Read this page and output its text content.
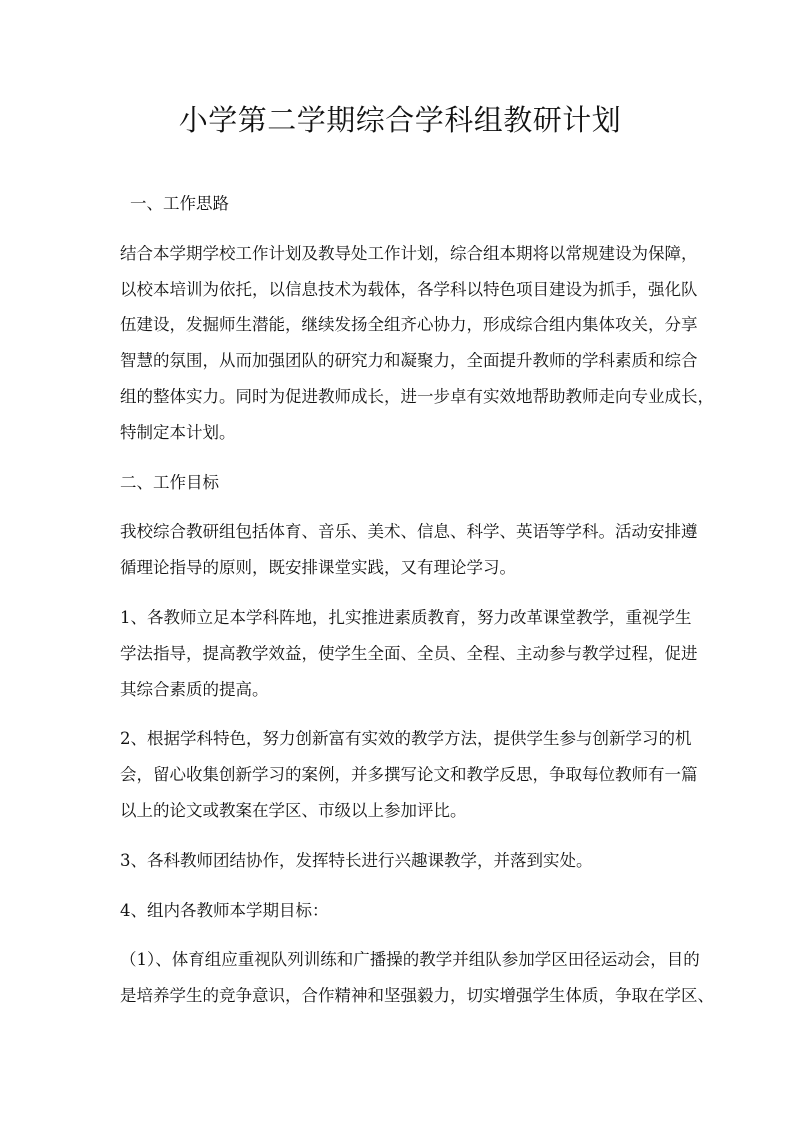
小学第二学期综合学科组教研计划
一、工作思路
结合本学期学校工作计划及教导处工作计划，综合组本期将以常规建设为保障，
以校本培训为依托，以信息技术为载体，各学科以特色项目建设为抓手，强化队
伍建设，发掘师生潜能，继续发扬全组齐心协力，形成综合组内集体攻关，分享
智慧的氛围，从而加强团队的研究力和凝聚力，全面提升教师的学科素质和综合
组的整体实力。同时为促进教师成长，进一步卓有实效地帮助教师走向专业成长，
特制定本计划。
二、工作目标
我校综合教研组包括体育、音乐、美术、信息、科学、英语等学科。活动安排遵
循理论指导的原则，既安排课堂实践，又有理论学习。
1、各教师立足本学科阵地，扎实推进素质教育，努力改革课堂教学，重视学生
学法指导，提高教学效益，使学生全面、全员、全程、主动参与教学过程，促进
其综合素质的提高。
2、根据学科特色，努力创新富有实效的教学方法，提供学生参与创新学习的机
会，留心收集创新学习的案例，并多撰写论文和教学反思，争取每位教师有一篇
以上的论文或教案在学区、市级以上参加评比。
3、各科教师团结协作，发挥特长进行兴趣课教学，并落到实处。
4、组内各教师本学期目标：
（1）、体育组应重视队列训练和广播操的教学并组队参加学区田径运动会，目的
是培养学生的竞争意识，合作精神和坚强毅力，切实增强学生体质，争取在学区、
